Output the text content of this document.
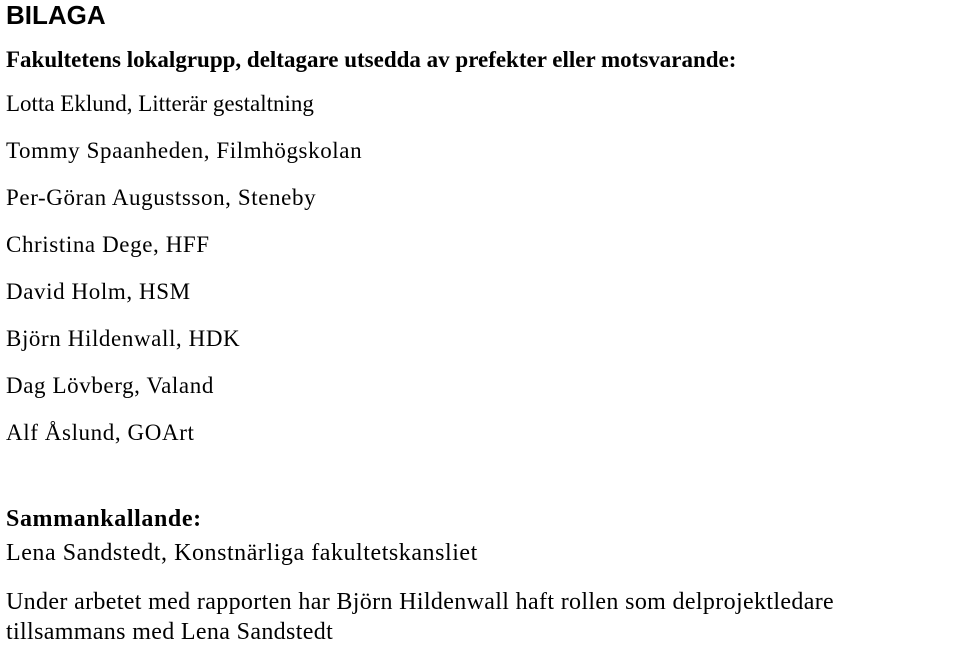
BILAGA

Fakultetens lokalgrupp, deltagare utsedda av prefekter eller motsvarande:

Lotta Eklund, Litterär gestaltning
Tommy Spaanheden, Filmhögskolan
Per-Göran Augustsson, Steneby
Christina Dege, HFF
David Holm, HSM
Björn Hildenwall, HDK
Dag Lövberg, Valand
Alf Åslund, GOArt

Sammankallande:

Lena Sandstedt, Konstnärliga fakultetskansliet

Under arbetet med rapporten har Björn Hildenwall haft rollen som delprojektledare
tillsammans med Lena Sandstedt
